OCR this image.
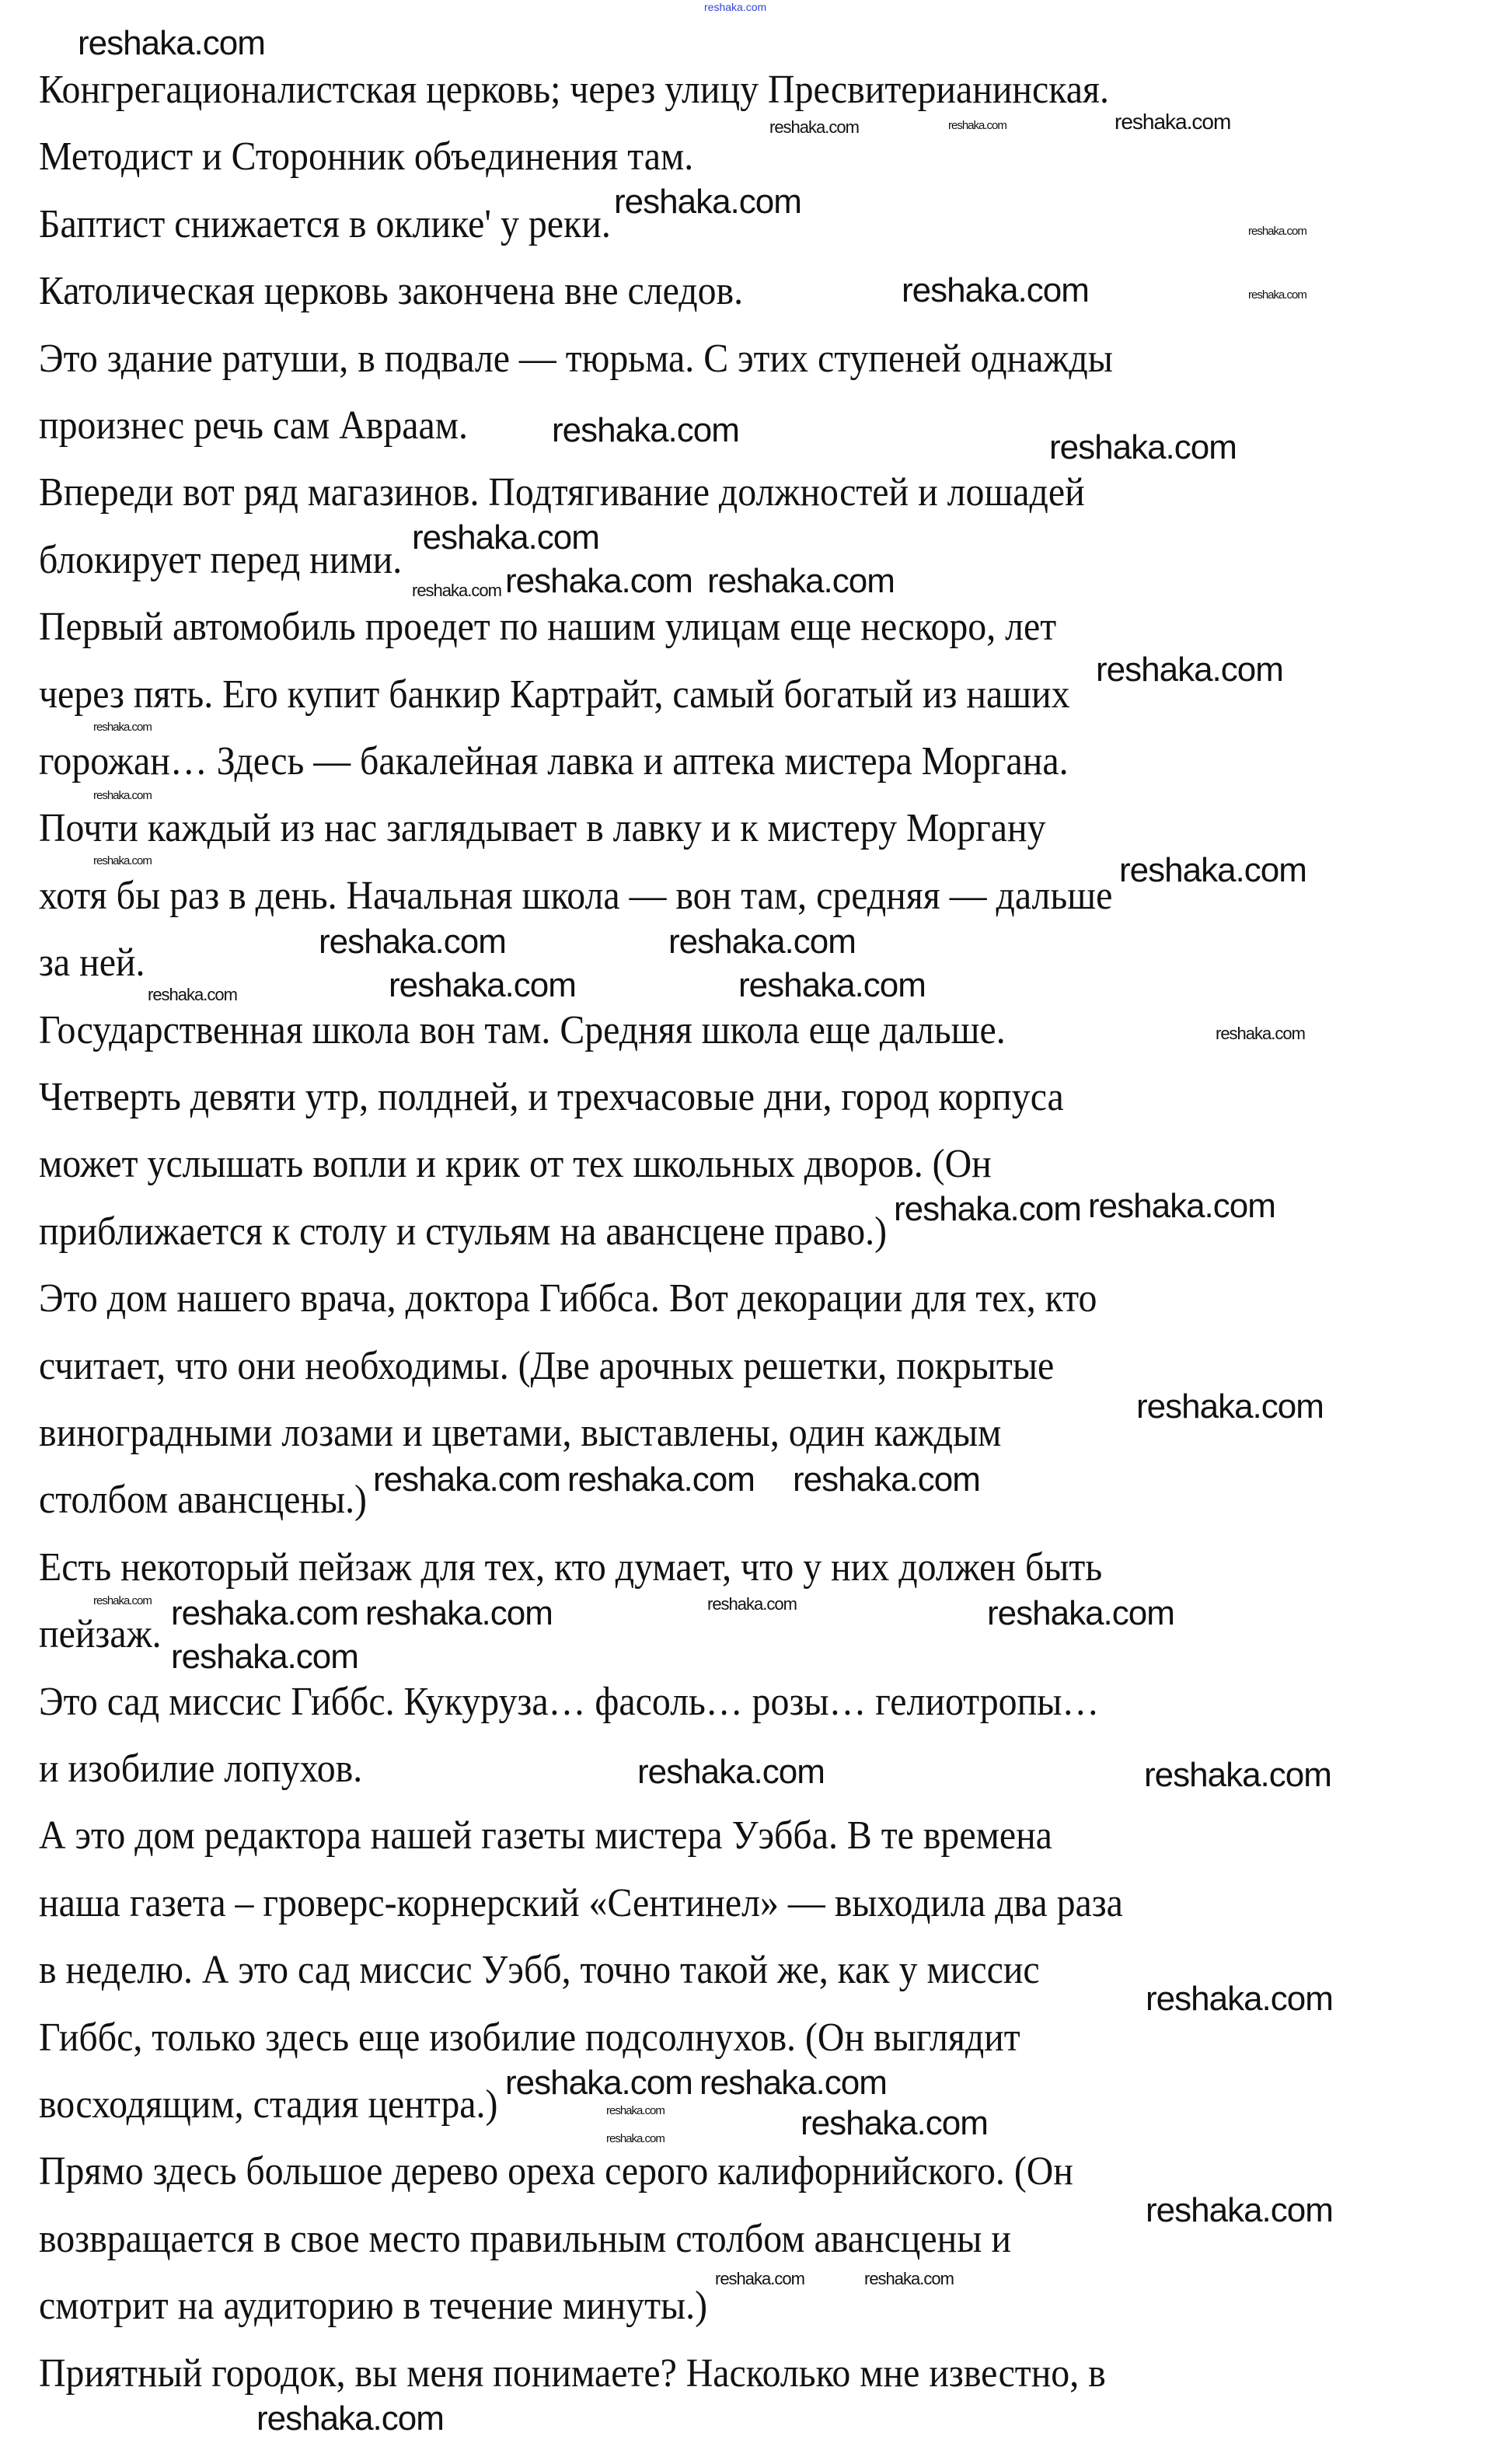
reshaka.com
Конгрегационалистская церковь; через улицу Пресвитерианинская.
Методист и Сторонник объединения там.
Баптист снижается в оклике' у реки.
Католическая церковь закончена вне следов.
Это здание ратуши, в подвале — тюрьма. С этих ступеней однажды
произнес речь сам Авраам.
Впереди вот ряд магазинов. Подтягивание должностей и лошадей
блокирует перед ними.
Первый автомобиль проедет по нашим улицам еще нескоро, лет
через пять. Его купит банкир Картрайт, самый богатый из наших
горожан… Здесь — бакалейная лавка и аптека мистера Моргана.
Почти каждый из нас заглядывает в лавку и к мистеру Моргану
хотя бы раз в день. Начальная школа — вон там, средняя — дальше
за ней.
Государственная школа вон там. Средняя школа еще дальше.
Четверть девяти утр, полдней, и трехчасовые дни, город корпуса
может услышать вопли и крик от тех школьных дворов. (Он
приближается к столу и стульям на авансцене право.)
Это дом нашего врача, доктора Гиббса. Вот декорации для тех, кто
считает, что они необходимы. (Две арочных решетки, покрытые
виноградными лозами и цветами, выставлены, один каждым
столбом авансцены.)
Есть некоторый пейзаж для тех, кто думает, что у них должен быть
пейзаж.
Это сад миссис Гиббс. Кукуруза… фасоль… розы… гелиотропы…
и изобилие лопухов.
А это дом редактора нашей газеты мистера Уэбба. В те времена
наша газета – гроверс-корнерский «Сентинел» — выходила два раза
в неделю. А это сад миссис Уэбб, точно такой же, как у миссис
Гиббс, только здесь еще изобилие подсолнухов. (Он выглядит
восходящим, стадия центра.)
Прямо здесь большое дерево ореха серого калифорнийского. (Он
возвращается в свое место правильным столбом авансцены и
смотрит на аудиторию в течение минуты.)
Приятный городок, вы меня понимаете? Насколько мне известно, в
reshaka.com	reshaka.com	reshaka.com
reshaka.com
reshaka.com
reshaka.com
reshaka.com	reshaka.com
reshaka.com
reshaka.com	reshaka.com
reshaka.com reshaka.com reshaka.com
reshaka.com
reshaka.com
reshaka.com
reshaka.com	reshaka.com
reshaka.com	reshaka.com
reshaka.com	reshaka.com	reshaka.com
reshaka.com
reshaka.com
reshaka.com reshaka.com
reshaka.com
reshaka.com reshaka.com
reshaka.com
reshaka.com	reshaka.com	reshaka.com	reshaka.com
reshaka.com	reshaka.com
reshaka.com
reshaka.com
reshaka.com
reshaka.com
reshaka.com	reshaka.com
reshaka.com
reshaka.com
reshaka.com
reshaka.com	reshaka.com
